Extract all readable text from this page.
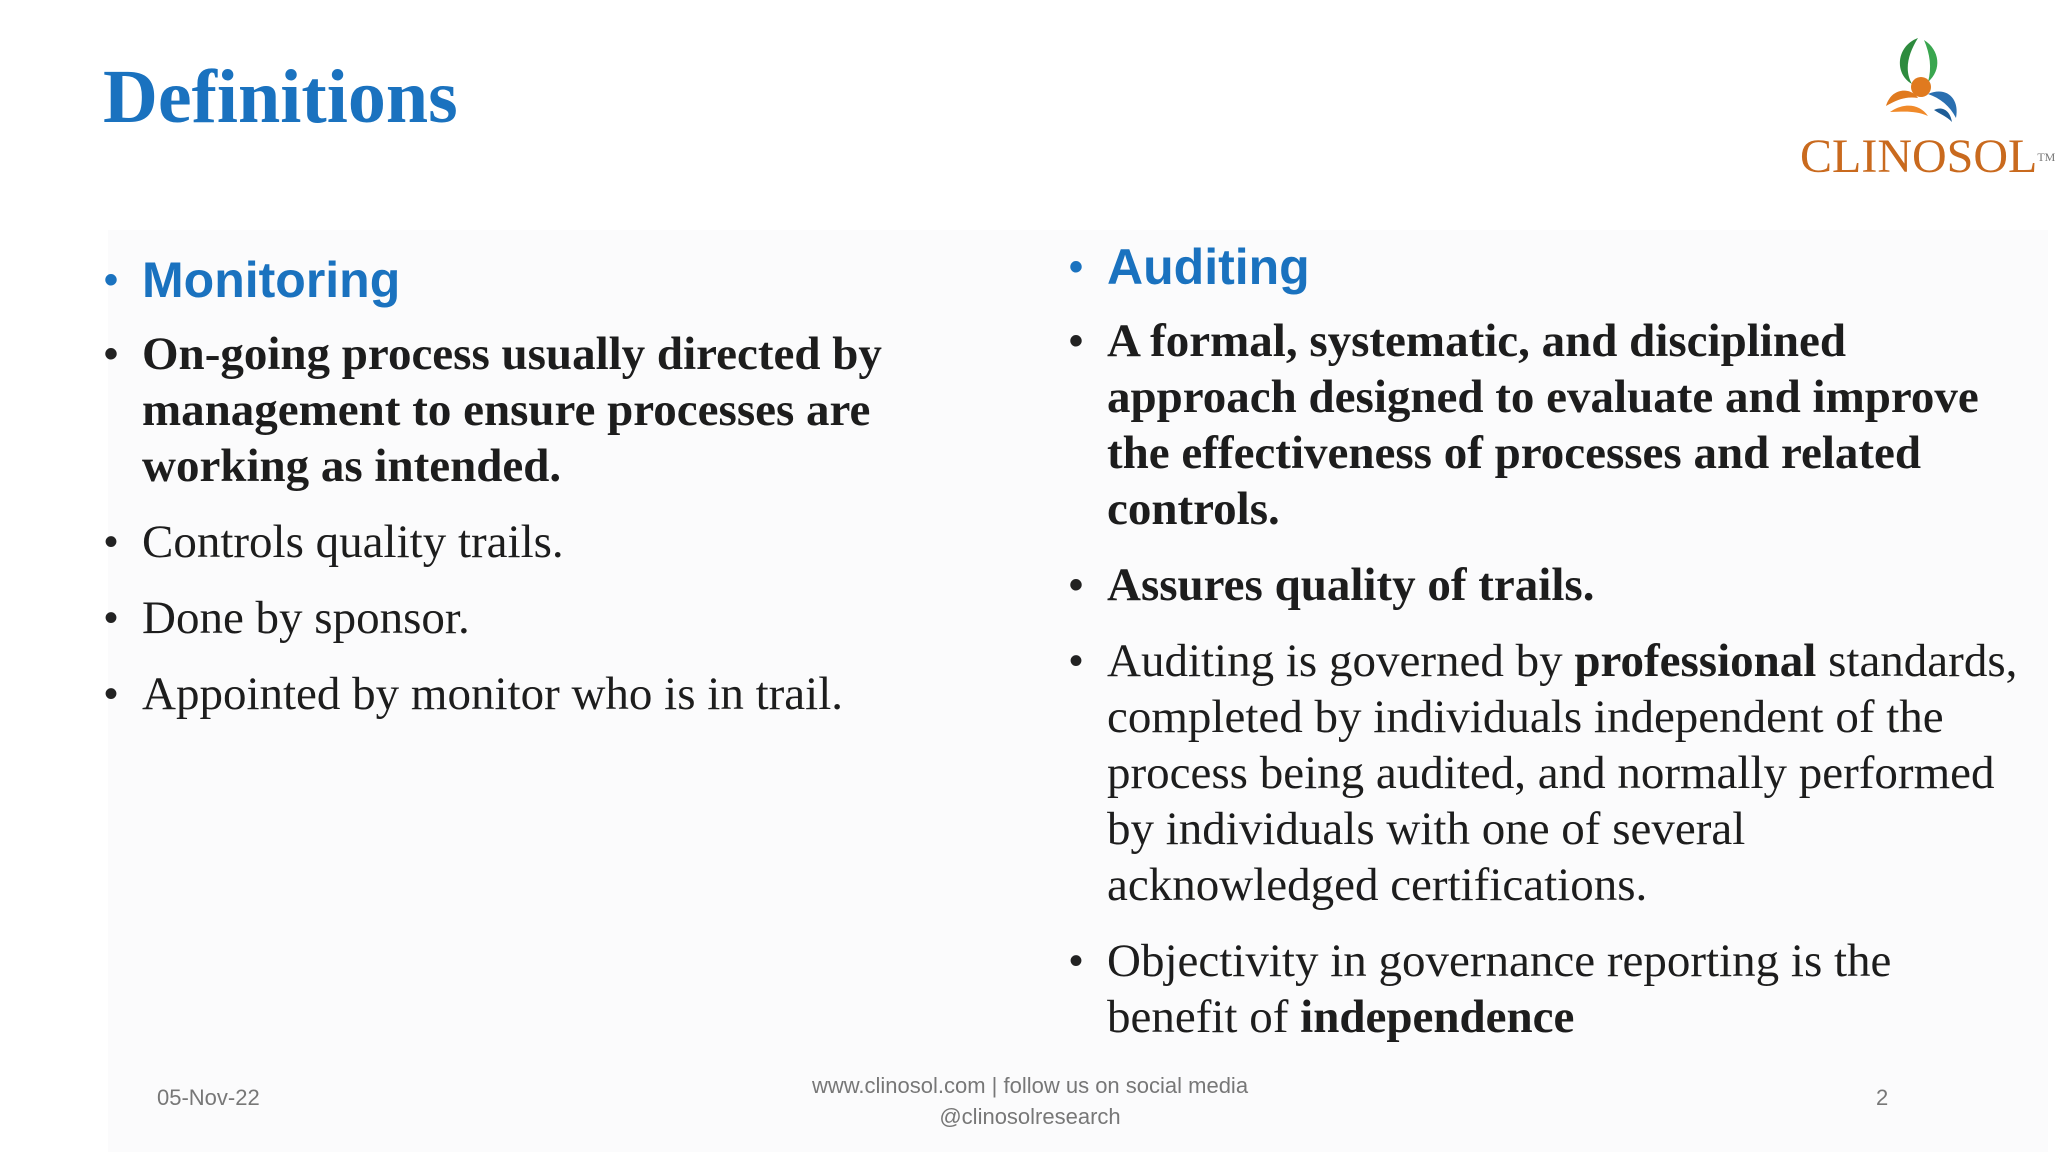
Definitions
CLINOSOL™
• Monitoring
• On-going process usually directed by management to ensure processes are working as intended.
• Controls quality trails.
• Done by sponsor.
• Appointed by monitor who is in trail.
• Auditing
• A formal, systematic, and disciplined approach designed to evaluate and improve the effectiveness of processes and related controls.
• Assures quality of trails.
• Auditing is governed by professional standards, completed by individuals independent of the process being audited, and normally performed by individuals with one of several acknowledged certifications.
• Objectivity in governance reporting is the benefit of independence
05-Nov-22	www.clinosol.com | follow us on social media
@clinosolresearch
2
